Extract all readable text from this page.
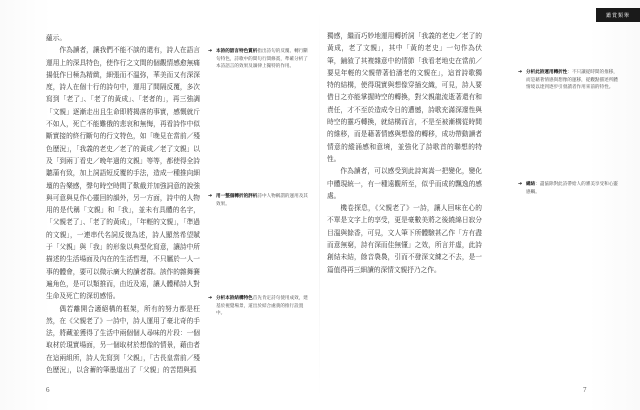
鑑賞類舉

蘊示。

作為讀者，讓我們不能不談的還有，詩人在語言運用上的深具特色，使作行之文間的個觀情感愈無痛揚低作日極為精緻，細張而不溫弥，華美而又有深深度，詩人在個十行的詩句中，運用了間隔反覆，多次寫到「老了」、「老了的黃成」、「老者的」，再三強調「文親」逐漸走出且生命即將揭落的事實，感慨就斤不如人，死亡不能難俄的悲哀和無悔，再看詩作中似斷實接的終行斷句的行文特色，如「晚見在當前／殘色歷況」，「我義的老史／老了的黃成／老了文親」以及「到兩丁看史／晚年過的文親」等等，都使得全詩聽蒲有致，加上詞語短反覆的手法，造成一種推向細壇的告樂感，聲句時空時間了歎截并加強詞意的說強與可意與見作心靈回的韻外，另一方面，詩中的人物用的是代稱「文親」和「我」，並未有具體的名字，「父親老了」、「老了的黃成」，「年輕的文親」，「準過的文親」，一連串代名詞反復為述，詩人顯然希望賦于「父親」與「我」的形象以典型化寫意，讓詩中所描述的生活場面及內在的生活哲理，不只屬於一人一事的體會，要可以微示廣大的讀者群。該作的雜舞賽遍角色，是可以類推而，由近及遠，讓人體稀詩人對生命及死亡的深切感悟。

偶若離開合適絕構的框架，所有的努力都是枉然，在《父親老了》一詩中，詩人運用了豪北奇的手法，將藏並獲得了生活中兩個個人尋味的片段：一個取材於現實場面，另一個取材於想像的情景，藉由者在這兩組所，詩人先寫到「父親」，「古長皇當前／殘色歷況」，以含蓄的筆墨道出了「父親」的苦悶與孤

6
➔ 本詩的語言特色賞析指出詩句的反覆、轉行斷句特色，詩歌中的間句行間修賞，準確分析了本詩語言的效果及韻律上獨特的作用。
➔ 用一整個轉折的評析詩中人物稱謂的運用及其效果。
➔ 分析本詩結構特色首先肯定詩句使用成效，建基於視覺場景，道出於結合處義的推行設置中。

獨感，繼而巧妙地運用轉折詞「我義的老史／老了的黃成，老了文親」，其中「黃的老史」一句作為伏筆，鋪敘了其複雜意中的情節「我看老地史在當前／要見年輕的父親帶著伯潘老的文親在」，這首詩歌獨特的結構，使得現實與想像穿插交織，可見，詩人要借日之亦能掌握時空的轉換，對父親龍流逝著還有和責任，才不至於造成令日的遭憾，詩歌充滿深邃性與時空的靈巧轉換，就結構而言，不是至被漸構從時間的維移，而是藉著情感與想像的轉移，成功帶動讀者情意的縱涌感和意境，並強化了詩歌首的聯想的特性。

作為讀者，可以感受到此詩寓嵩一把變化，變化中體現統一，有一種遠觀所至，似乎而成的飄逸的感處。

機卷探息，《父親老了》一詩，讓人回味在心的不單是文字上的享受，更是豪數美將之後繞綿日寂分目溫與餘香，可見，文人筆下所體驗甚乙作「方有盡而意無窮，詩有深而佳無懂」之效，所言并虛，此詩創結未結，餘音裊裊，引而不發深文練之不去，是一篇值得再三細讀的深情文親抒乃之作。

7
➔ 分析此詩運用轉折性：不只讓從時間的推移，而是藉著情感與想像的運移，從觀點描述所體情境以達到逐步引發讀者作用來前的特性。
➔ 總結：盡協除對此詩帶給人的審美享受和心靈感觸。
